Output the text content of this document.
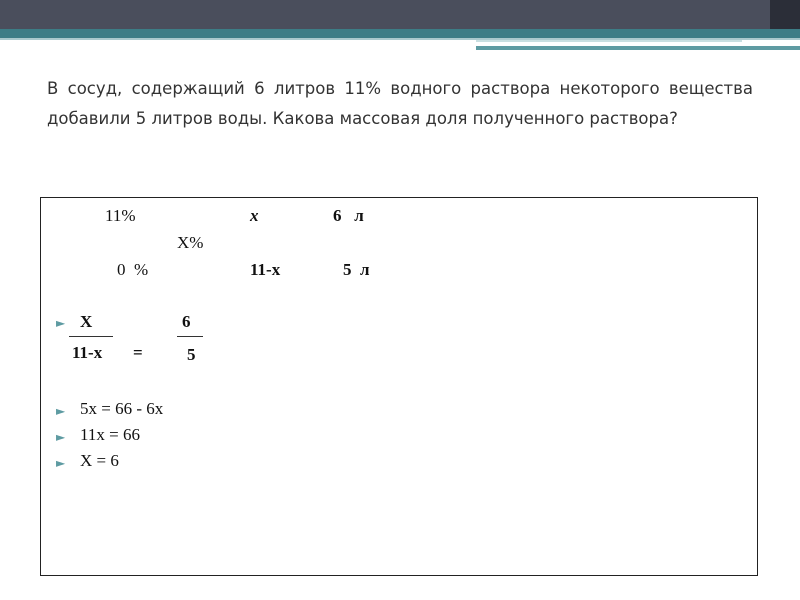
В сосуд, содержащий 6 литров 11% водного раствора некоторого вещества добавили 5 литров воды. Какова массовая доля полученного раствора?
11%	x	6   л
X%
0  %	11-x	5  л
► X	6
11-x =	5
► 5x = 66 - 6x
► 11x = 66
► X = 6
